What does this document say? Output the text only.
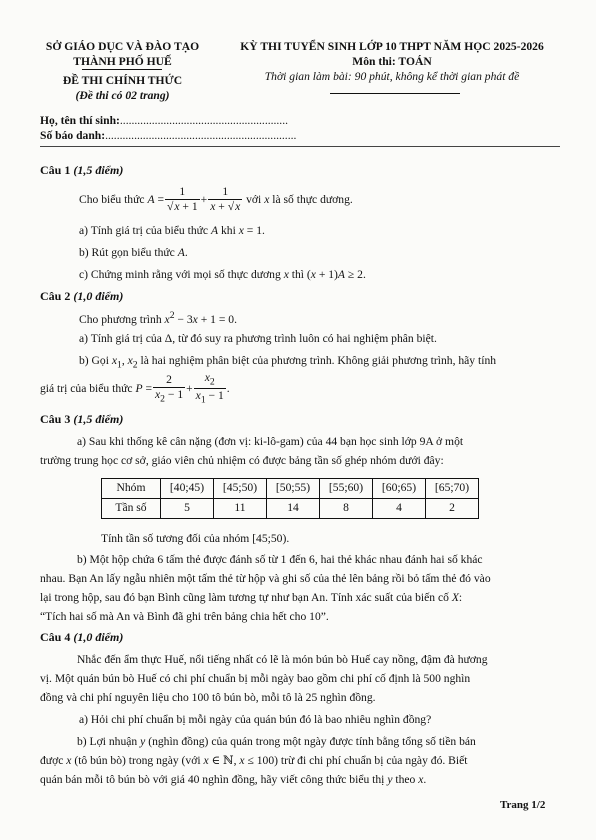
SỞ GIÁO DỤC VÀ ĐÀO TẠO
THÀNH PHỐ HUẾ
ĐỀ THI CHÍNH THỨC
(Đề thi có 02 trang)
KỲ THI TUYỂN SINH LỚP 10 THPT NĂM HỌC 2025-2026
Môn thi: TOÁN
Thời gian làm bài: 90 phút, không kể thời gian phát đề
Họ, tên thí sinh:..........................................................
Số báo danh:..................................................................
Câu 1 (1,5 điểm)
Cho biểu thức
$A = \frac{1}{√x + 1} + \frac{1}{x + √x}$
với
x
là số thực dương.
a) Tính giá trị của biểu thức A khi x = 1.
b) Rút gọn biểu thức A.
c) Chứng minh rằng với mọi số thực dương x thì (x + 1)A ≥ 2.
Câu 2 (1,0 điểm)
Cho phương trình $x^2 - 3x + 1 = 0$.
a) Tính giá trị của Δ, từ đó suy ra phương trình luôn có hai nghiệm phân biệt.
b) Gọi $x_1$, $x_2$ là hai nghiệm phân biệt của phương trình. Không giải phương trình, hãy tính
giá trị của biểu thức
$P = \frac{2}{x_2 - 1} + \frac{x_2}{x_1 - 1}$ .
Câu 3 (1,5 điểm)
a) Sau khi thống kê cân nặng (đơn vị: ki-lô-gam) của 44 bạn học sinh lớp 9A ở một
trường trung học cơ sở, giáo viên chủ nhiệm có được bảng tần số ghép nhóm dưới đây:
Nhóm	[40;45)	[45;50)	[50;55)	[55;60)	[60;65)	[65;70)
Tần số	5	11	14	8	4	2
Tính tần số tương đối của nhóm [45;50).
b) Một hộp chứa 6 tấm thẻ được đánh số từ 1 đến 6, hai thẻ khác nhau đánh hai số khác
nhau. Bạn An lấy ngẫu nhiên một tấm thẻ từ hộp và ghi số của thẻ lên bảng rồi bỏ tấm thẻ đó vào
lại trong hộp, sau đó bạn Bình cũng làm tương tự như bạn An. Tính xác suất của biến cố X:
“Tích hai số mà An và Bình đã ghi trên bảng chia hết cho 10”.
Câu 4 (1,0 điểm)
Nhắc đến ẩm thực Huế, nổi tiếng nhất có lẽ là món bún bò Huế cay nồng, đậm đà hương
vị. Một quán bún bò Huế có chi phí chuẩn bị mỗi ngày bao gồm chi phí cố định là 500 nghìn
đồng và chi phí nguyên liệu cho 100 tô bún bò, mỗi tô là 25 nghìn đồng.
a) Hỏi chi phí chuẩn bị mỗi ngày của quán bún đó là bao nhiêu nghìn đồng?
b) Lợi nhuận y (nghìn đồng) của quán trong một ngày được tính bằng tổng số tiền bán
được x (tô bún bò) trong ngày (với x ∈ ℕ, x ≤ 100) trừ đi chi phí chuẩn bị của ngày đó. Biết
quán bán mỗi tô bún bò với giá 40 nghìn đồng, hãy viết công thức biểu thị y theo x.
Trang 1/2
